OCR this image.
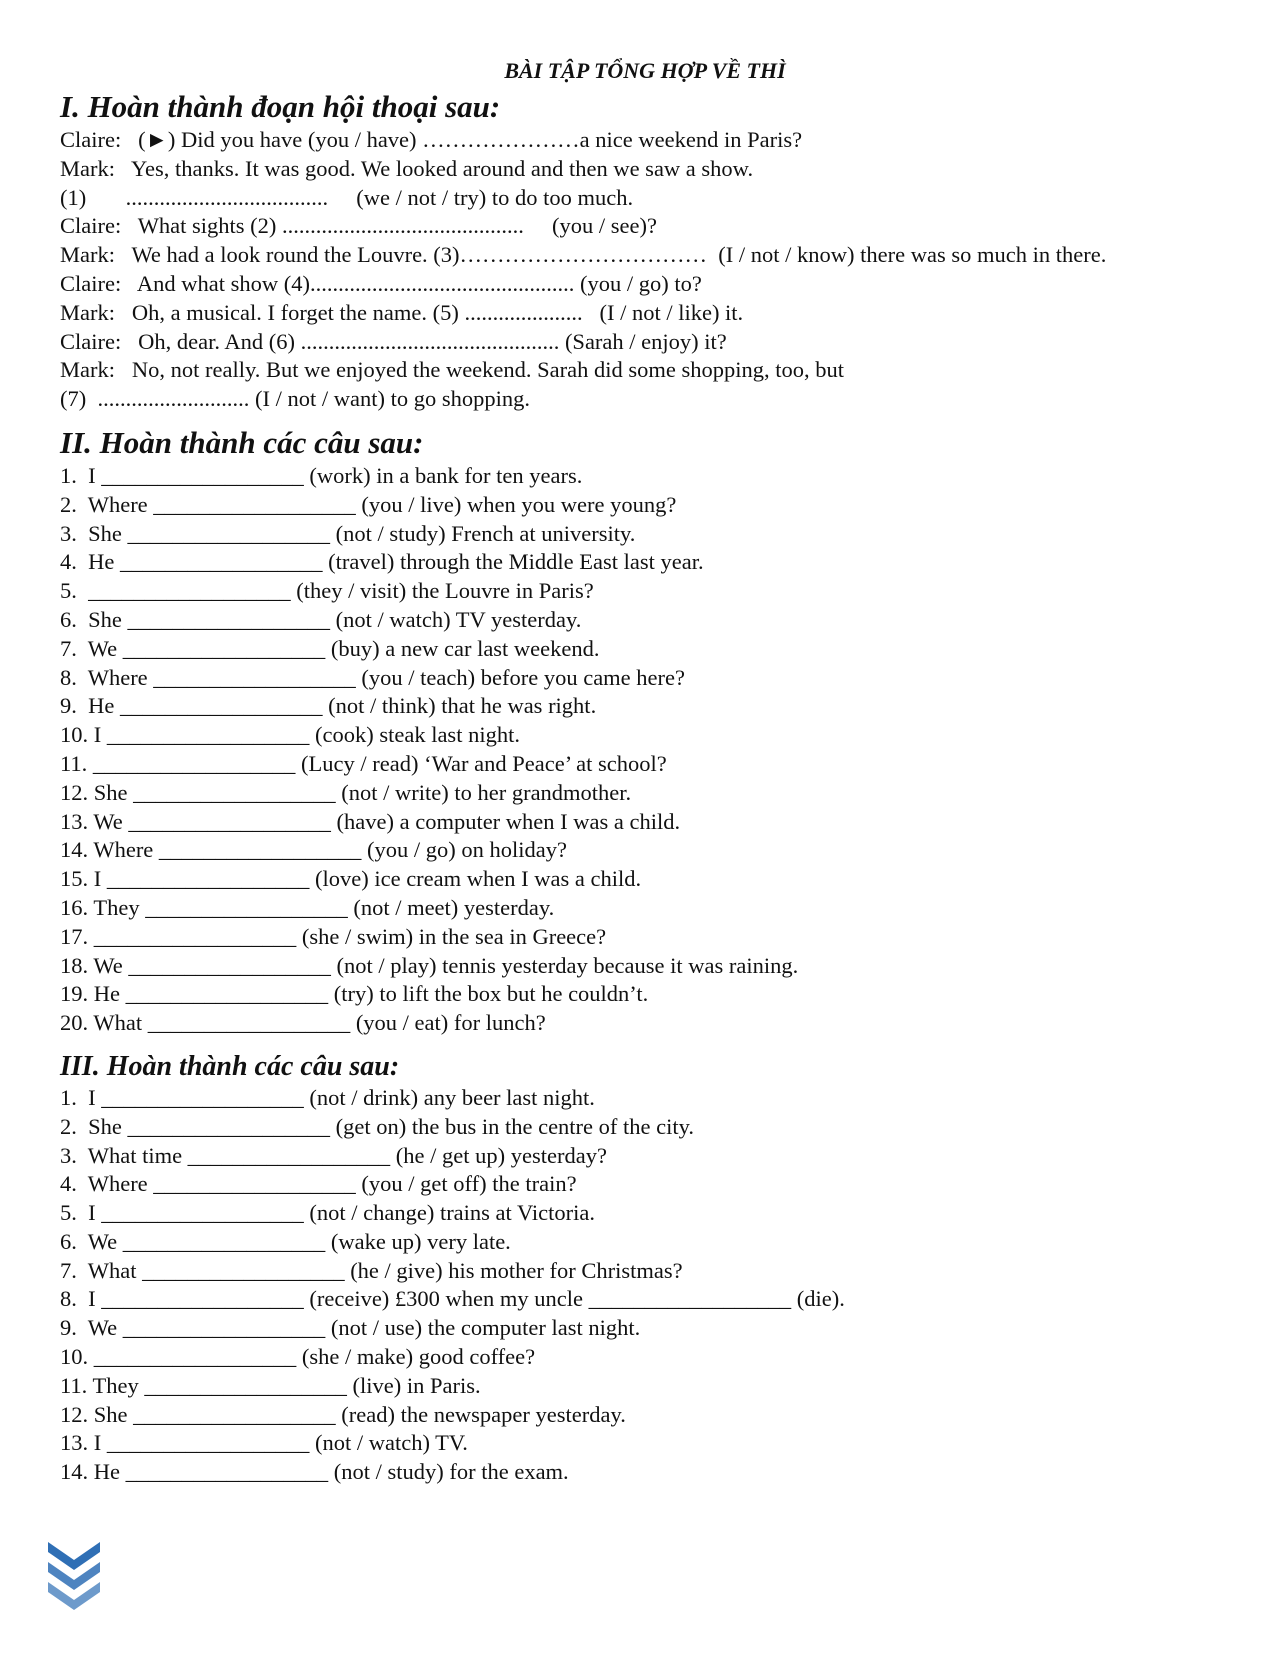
BÀI TẬP TỔNG HỢP VỀ THÌ
I. Hoàn thành đoạn hội thoại sau:
Claire:   (►) Did you have (you / have) …………………a nice weekend in Paris?
Mark:   Yes, thanks. It was good. We looked around and then we saw a show.
(1)       ....................................     (we / not / try) to do too much.
Claire:   What sights (2) ...........................................     (you / see)?
Mark:   We had a look round the Louvre. (3)……………………………  (I / not / know) there was so much in there.
Claire:   And what show (4)............................................... (you / go) to?
Mark:   Oh, a musical. I forget the name. (5) .....................   (I / not / like) it.
Claire:   Oh, dear. And (6) .............................................. (Sarah / enjoy) it?
Mark:   No, not really. But we enjoyed the weekend. Sarah did some shopping, too, but
(7)  ........................... (I / not / want) to go shopping.
II. Hoàn thành các câu sau:
1.  I __________________ (work) in a bank for ten years.
2.  Where __________________ (you / live) when you were young?
3.  She __________________ (not / study) French at university.
4.  He __________________ (travel) through the Middle East last year.
5.  __________________ (they / visit) the Louvre in Paris?
6.  She __________________ (not / watch) TV yesterday.
7.  We __________________ (buy) a new car last weekend.
8.  Where __________________ (you / teach) before you came here?
9.  He __________________ (not / think) that he was right.
10. I __________________ (cook) steak last night.
11. __________________ (Lucy / read) ‘War and Peace’ at school?
12. She __________________ (not / write) to her grandmother.
13. We __________________ (have) a computer when I was a child.
14. Where __________________ (you / go) on holiday?
15. I __________________ (love) ice cream when I was a child.
16. They __________________ (not / meet) yesterday.
17. __________________ (she / swim) in the sea in Greece?
18. We __________________ (not / play) tennis yesterday because it was raining.
19. He __________________ (try) to lift the box but he couldn’t.
20. What __________________ (you / eat) for lunch?
III. Hoàn thành các câu sau:
1.  I __________________ (not / drink) any beer last night.
2.  She __________________ (get on) the bus in the centre of the city.
3.  What time __________________ (he / get up) yesterday?
4.  Where __________________ (you / get off) the train?
5.  I __________________ (not / change) trains at Victoria.
6.  We __________________ (wake up) very late.
7.  What __________________ (he / give) his mother for Christmas?
8.  I __________________ (receive) £300 when my uncle __________________ (die).
9.  We __________________ (not / use) the computer last night.
10. __________________ (she / make) good coffee?
11. They __________________ (live) in Paris.
12. She __________________ (read) the newspaper yesterday.
13. I __________________ (not / watch) TV.
14. He __________________ (not / study) for the exam.
